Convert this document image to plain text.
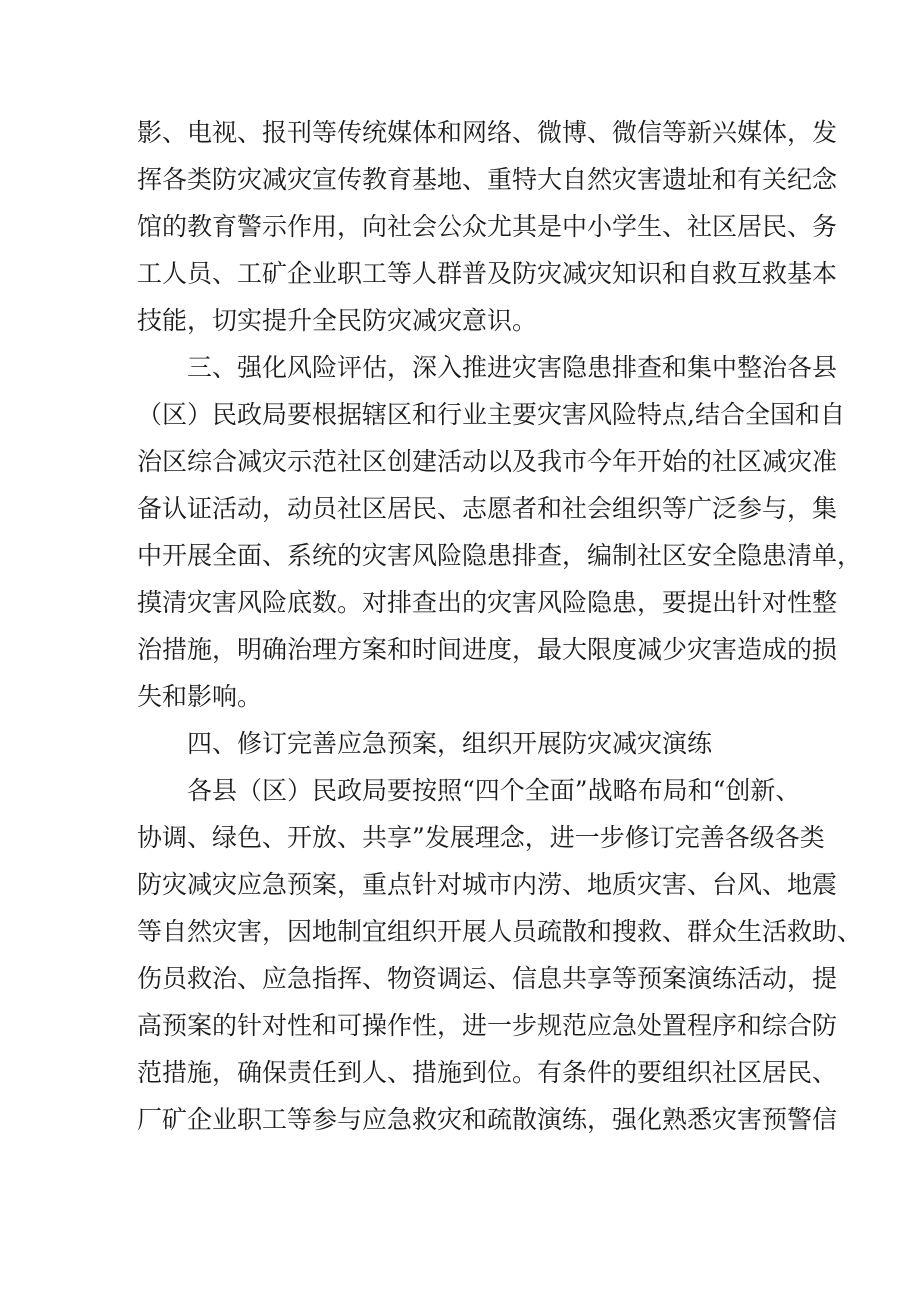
影、电视、报刊等传统媒体和网络、微博、微信等新兴媒体，发
挥各类防灾减灾宣传教育基地、重特大自然灾害遗址和有关纪念
馆的教育警示作用，向社会公众尤其是中小学生、社区居民、务
工人员、工矿企业职工等人群普及防灾减灾知识和自救互救基本
技能，切实提升全民防灾减灾意识。
三、强化风险评估，深入推进灾害隐患排查和集中整治各县
（区）民政局要根据辖区和行业主要灾害风险特点,结合全国和自
治区综合减灾示范社区创建活动以及我市今年开始的社区减灾准
备认证活动，动员社区居民、志愿者和社会组织等广泛参与，集
中开展全面、系统的灾害风险隐患排查，编制社区安全隐患清单，
摸清灾害风险底数。对排查出的灾害风险隐患，要提出针对性整
治措施，明确治理方案和时间进度，最大限度减少灾害造成的损
失和影响。
四、修订完善应急预案，组织开展防灾减灾演练
各县（区）民政局要按照“四个全面”战略布局和“创新、
协调、绿色、开放、共享”发展理念，进一步修订完善各级各类
防灾减灾应急预案，重点针对城市内涝、地质灾害、台风、地震
等自然灾害，因地制宜组织开展人员疏散和搜救、群众生活救助、
伤员救治、应急指挥、物资调运、信息共享等预案演练活动，提
高预案的针对性和可操作性，进一步规范应急处置程序和综合防
范措施，确保责任到人、措施到位。有条件的要组织社区居民、
厂矿企业职工等参与应急救灾和疏散演练，强化熟悉灾害预警信
